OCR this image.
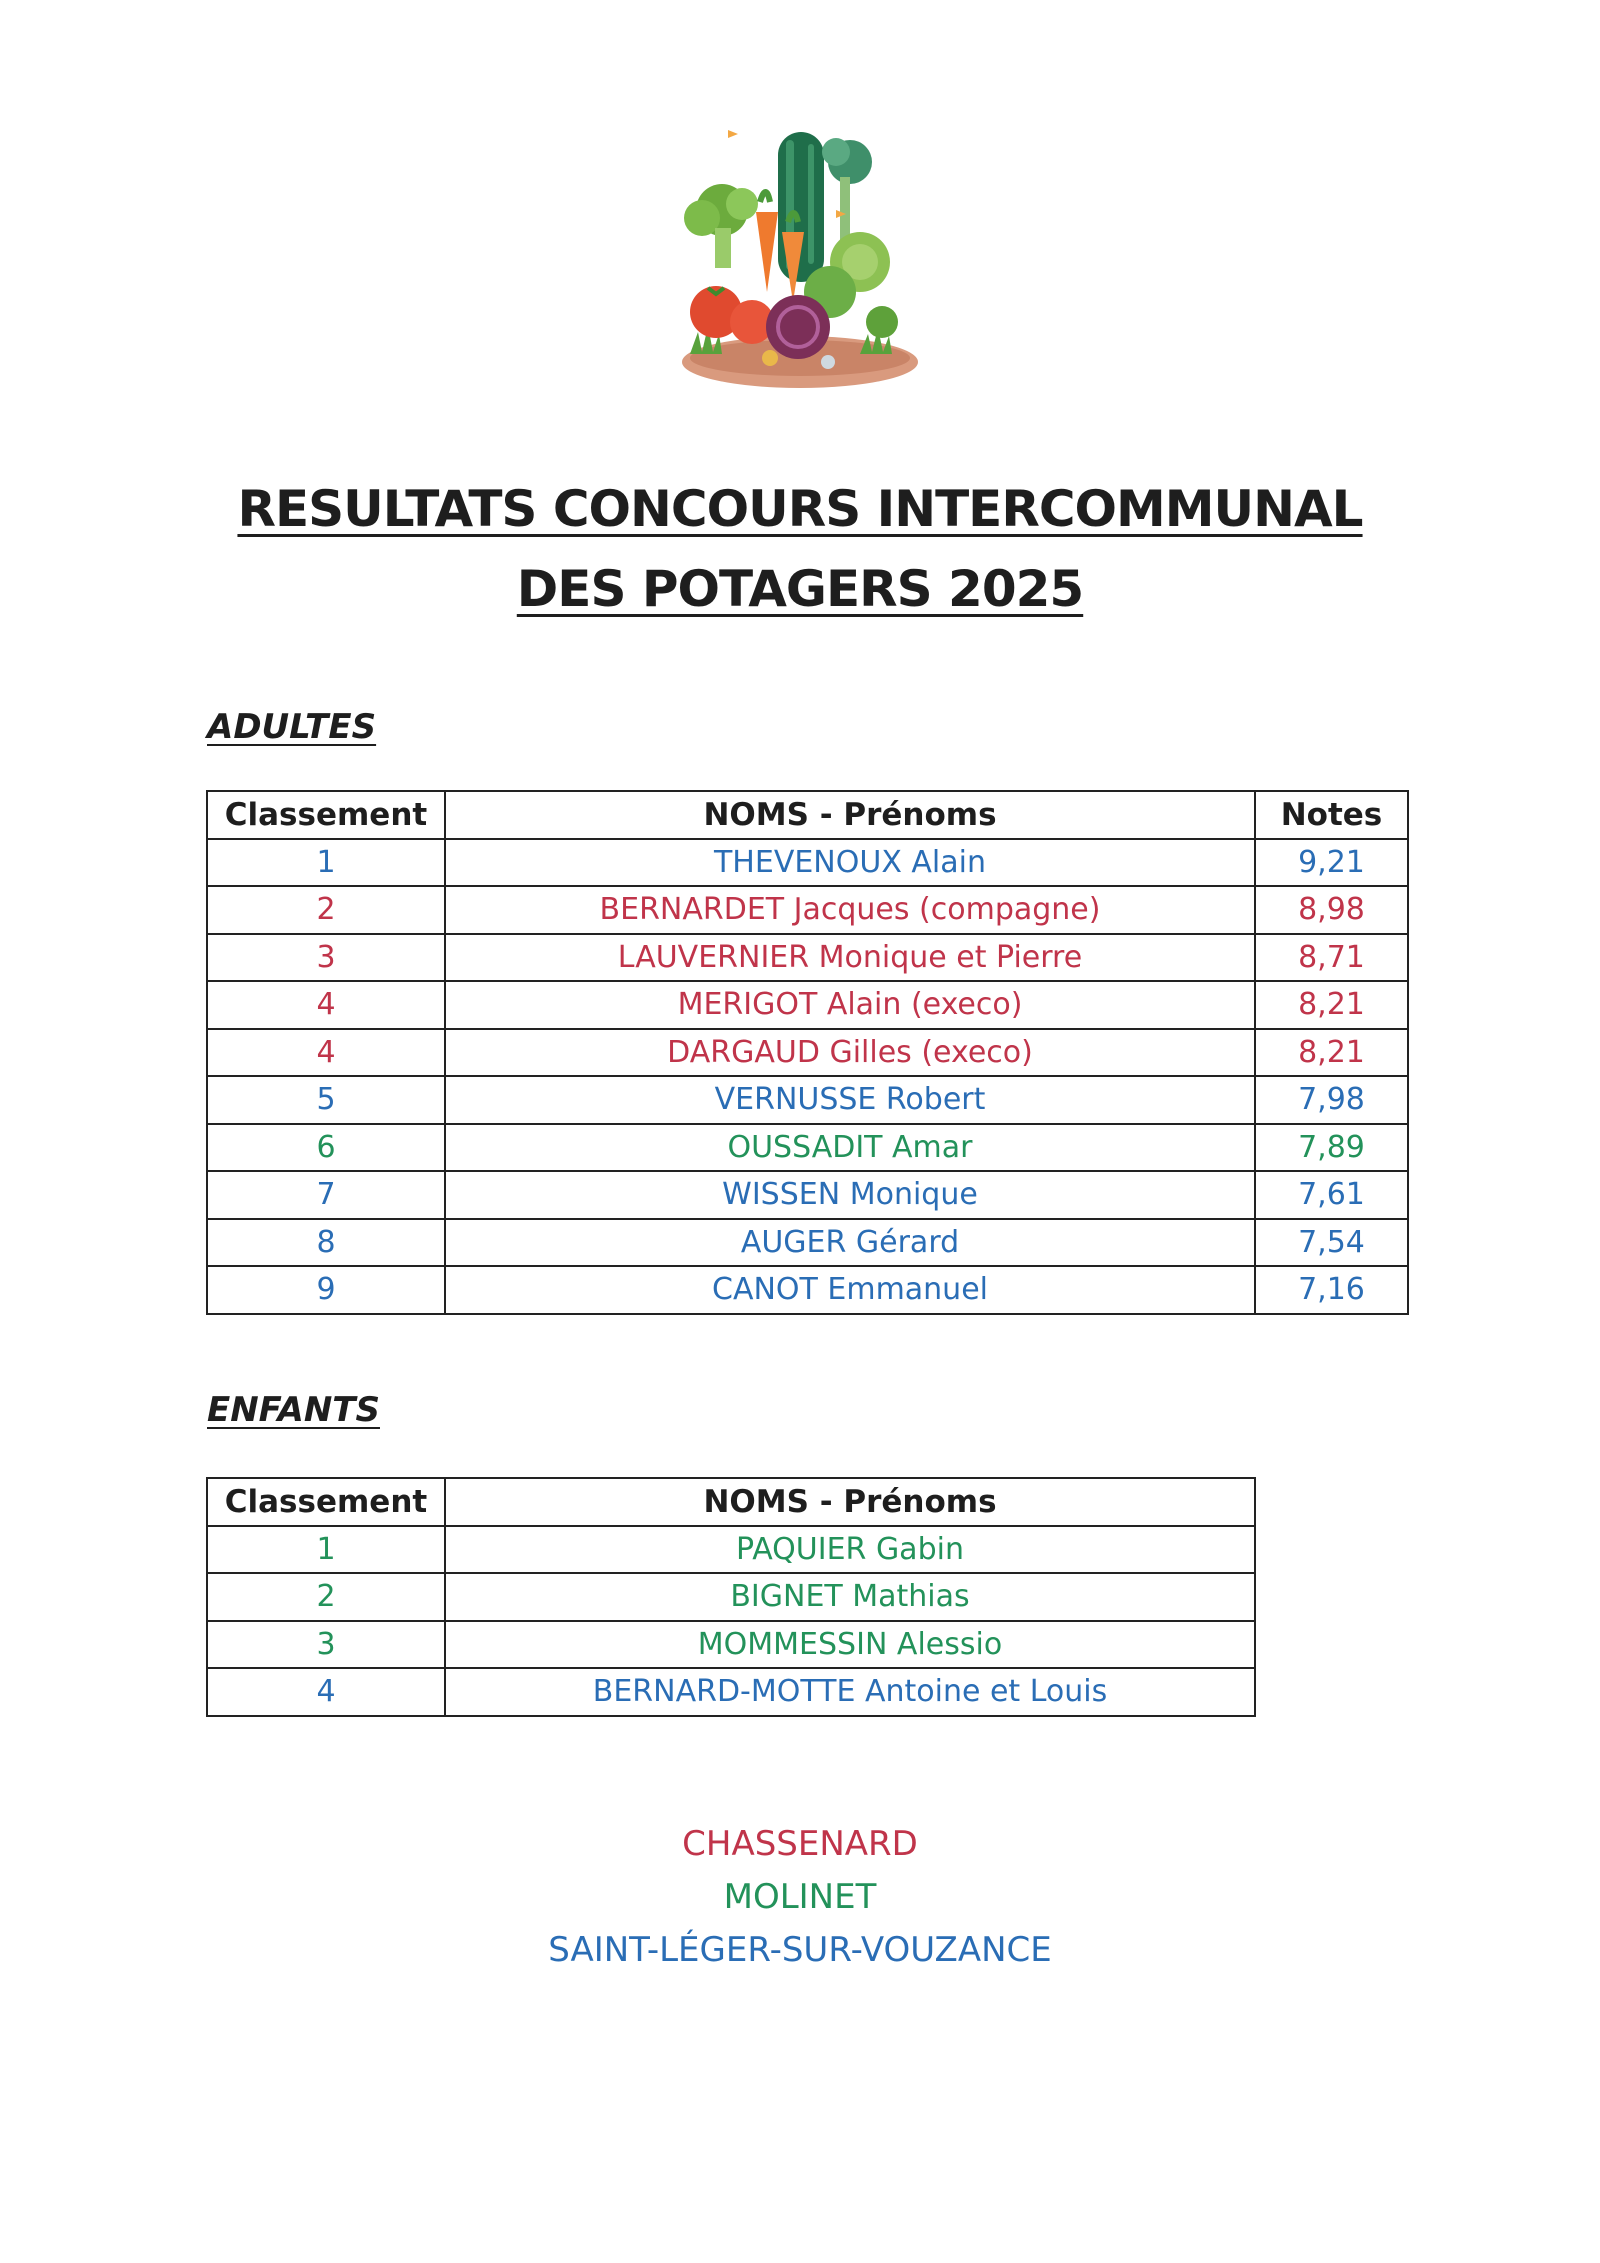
RESULTATS CONCOURS INTERCOMMUNAL
DES POTAGERS 2025
ADULTES
Classement	NOMS - Prénoms	Notes
1	THEVENOUX Alain	9,21
2	BERNARDET Jacques (compagne)	8,98
3	LAUVERNIER Monique et Pierre	8,71
4	MERIGOT Alain (execo)	8,21
4	DARGAUD Gilles (execo)	8,21
5	VERNUSSE Robert	7,98
6	OUSSADIT Amar	7,89
7	WISSEN Monique	7,61
8	AUGER Gérard	7,54
9	CANOT Emmanuel	7,16
ENFANTS
Classement	NOMS - Prénoms
1	PAQUIER Gabin
2	BIGNET Mathias
3	MOMMESSIN Alessio
4	BERNARD-MOTTE Antoine et Louis
CHASSENARD
MOLINET
SAINT-LÉGER-SUR-VOUZANCE
